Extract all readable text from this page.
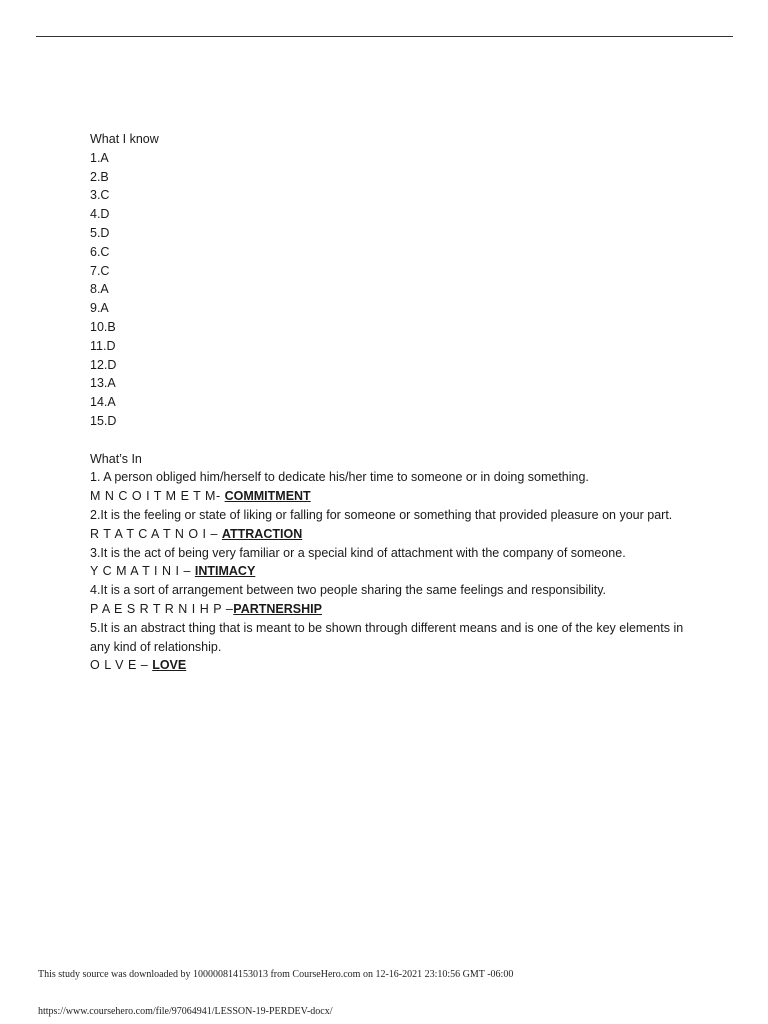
What I know

1.A

2.B

3.C

4.D

5.D

6.C

7.C

8.A

9.A

10.B

11.D

12.D

13.A

14.A

15.D

What’s In

1. A person obliged him/herself to dedicate his/her time to someone or in doing something.

M N C O I T M E T M- COMMITMENT

2.It is the feeling or state of liking or falling for someone or something that provided pleasure on your part.

R T A T C A T N O I – ATTRACTION

3.It is the act of being very familiar or a special kind of attachment with the company of someone.

Y C M A T I N I – INTIMACY

4.It is a sort of arrangement between two people sharing the same feelings and responsibility.

P A E S R T R N I H P –PARTNERSHIP

5.It is an abstract thing that is meant to be shown through different means and is one of the key elements in any kind of relationship.

O L V E – LOVE

This study source was downloaded by 100000814153013 from CourseHero.com on 12-16-2021 23:10:56 GMT -06:00
https://www.coursehero.com/file/97064941/LESSON-19-PERDEV-docx/
